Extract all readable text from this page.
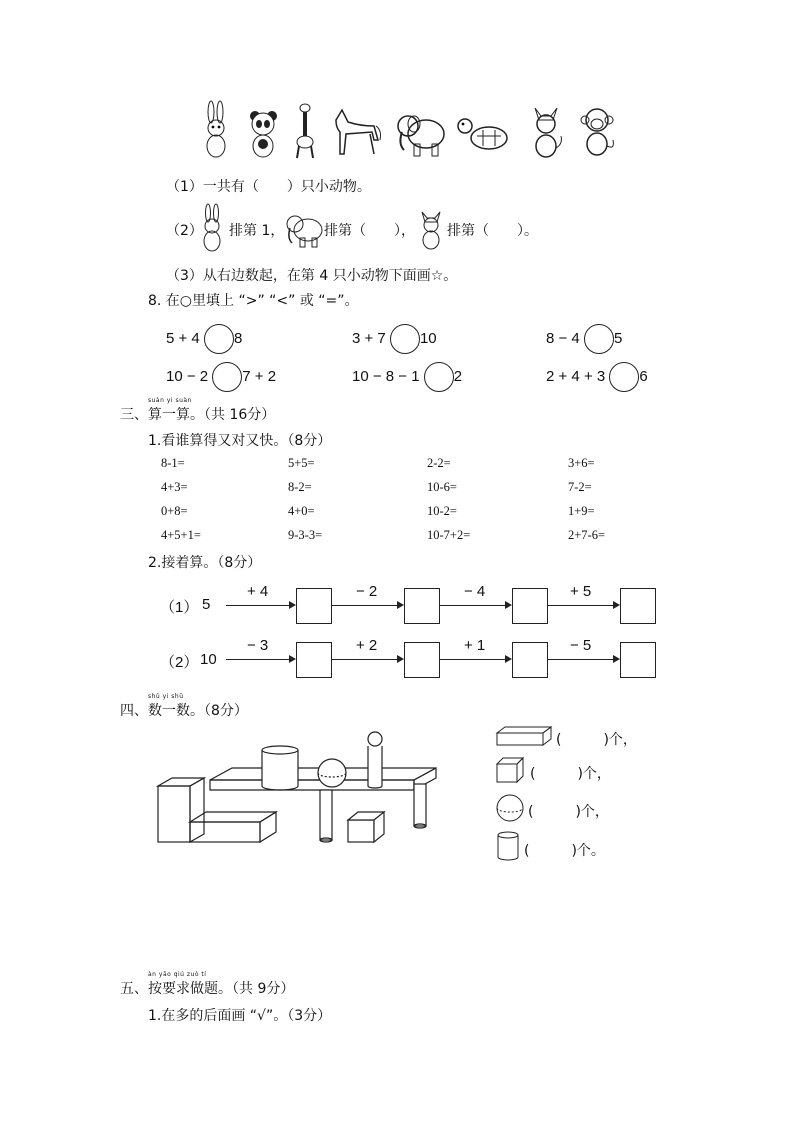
（1）一共有（　　）只小动物。
（2） 排第 1，	排第（　　）， 排第（　　）。
（3）从右边数起，在第 4 只小动物下面画☆。
8. 在○里填上 “>” “<” 或 “=”。
5 + 4 8	3 + 7 10	8 − 4 5
10 − 2 7 + 2	10 − 8 − 1 2	2 + 4 + 3 6
suàn yi suàn
三、算一算。（共 16分）
1.看谁算得又对又快。（8分）
8-1=	5+5=	2-2=	3+6=
4+3=	8-2=	10-6=	7-2=
0+8=	4+0=	10-2=	1+9=
4+5+1=	9-3-3=	10-7+2=	2+7-6=
2.接着算。（8分）
（1） 5
+ 4	− 2	− 4	+ 5
（2） 10
− 3	+ 2	+ 1	− 5
shǔ yi shǔ
四、数一数。（8分）
(　　　)个，
(　　　)个，
(　　　)个，
(　　　)个。
àn yāo qiú zuò tí
五、按要求做题。（共 9分）
1.在多的后面画 “√”。（3分）
